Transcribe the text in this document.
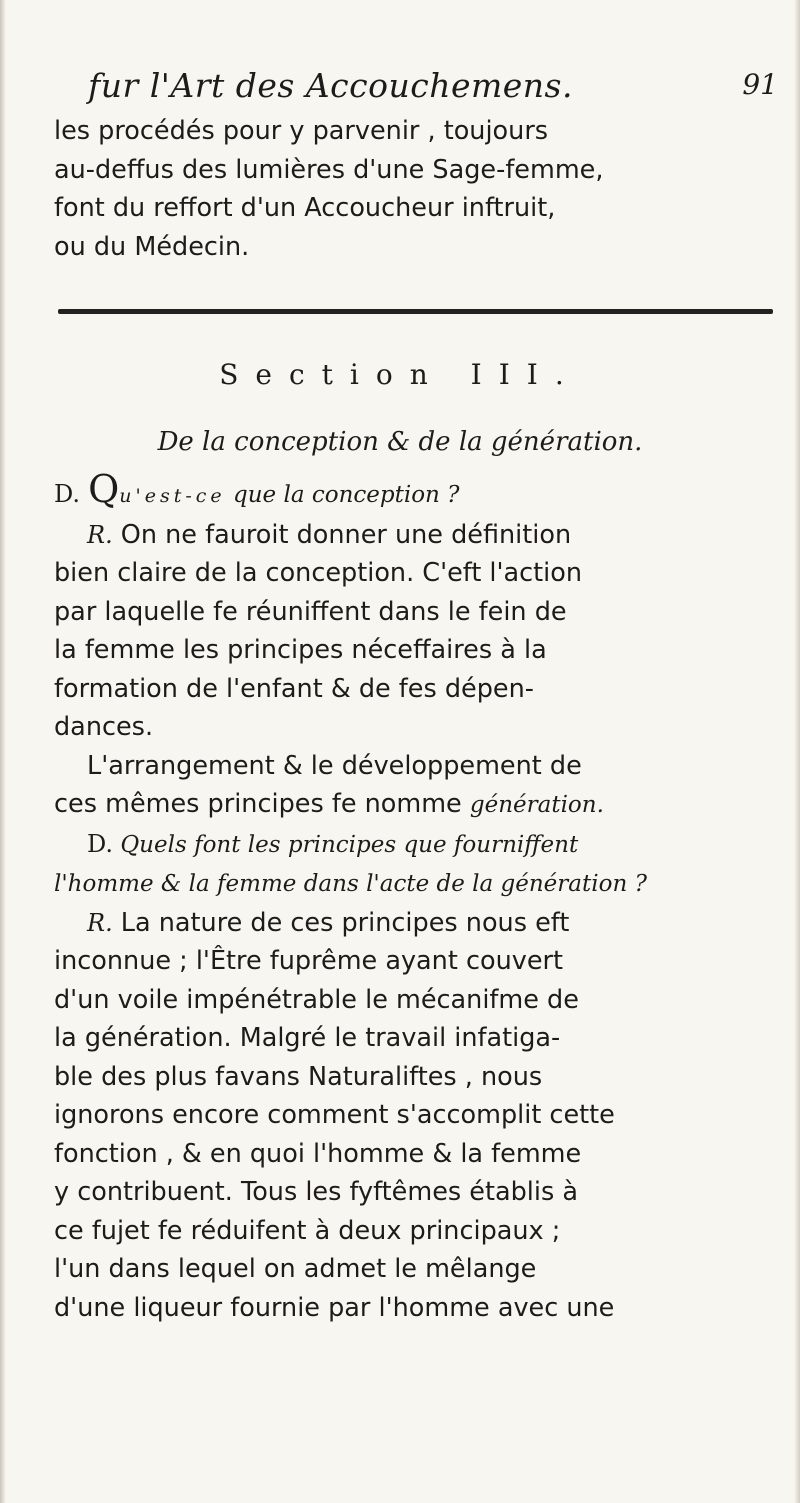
fur l'Art des Accouchemens.	91

les procédés pour y parvenir , toujours

au-deffus des lumières d'une Sage-femme,

font du reffort d'un Accoucheur inftruit,

ou du Médecin.

Section III.
De la conception & de la génération.

D. Qu'est-ce que la conception ?

R. On ne fauroit donner une définition

bien claire de la conception. C'eft l'action

par laquelle fe réuniffent dans le fein de

la femme les principes néceffaires à la

formation de l'enfant & de fes dépen-

dances.

L'arrangement & le développement de

ces mêmes principes fe nomme génération.

D. Quels font les principes que fourniffent

l'homme & la femme dans l'acte de la génération ?

R. La nature de ces principes nous eft

inconnue ; l'Être fuprême ayant couvert

d'un voile impénétrable le mécanifme de

la génération. Malgré le travail infatiga-

ble des plus favans Naturaliftes , nous

ignorons encore comment s'accomplit cette

fonction , & en quoi l'homme & la femme

y contribuent. Tous les fyftêmes établis à

ce fujet fe réduifent à deux principaux ;

l'un dans lequel on admet le mêlange

d'une liqueur fournie par l'homme avec une
